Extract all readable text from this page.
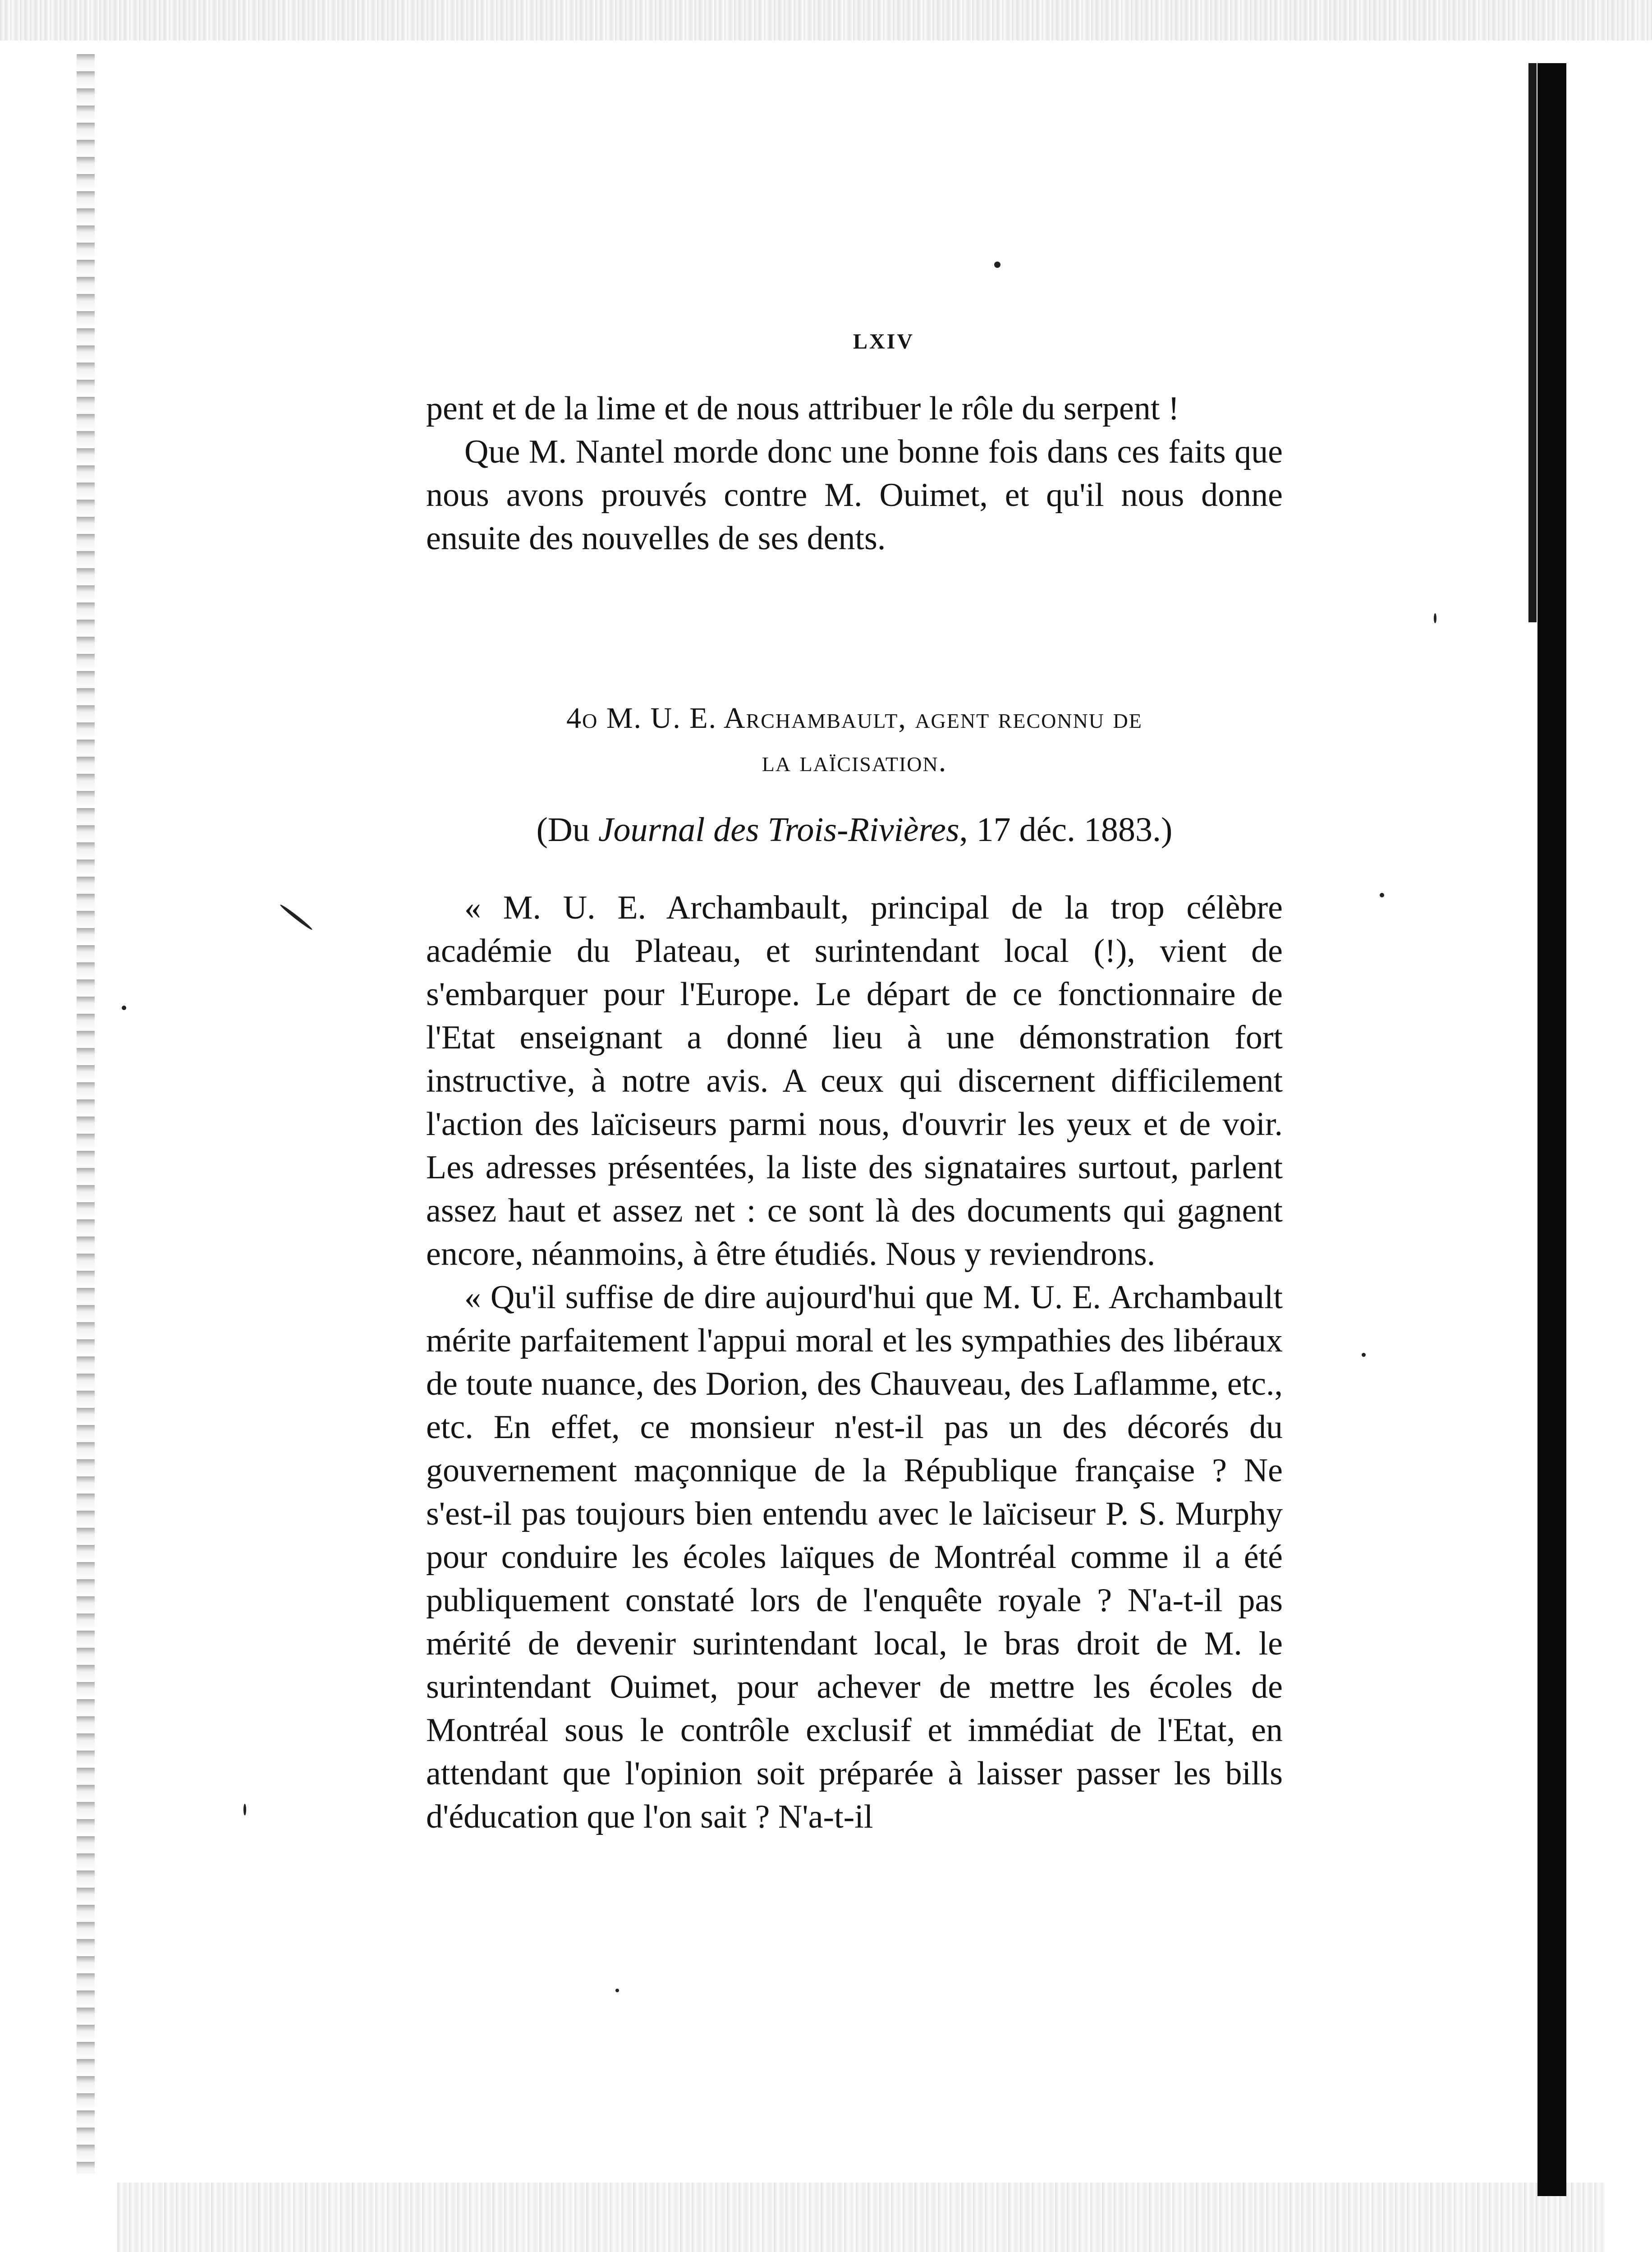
LXIV

pent et de la lime et de nous attribuer le rôle du serpent !

Que M. Nantel morde donc une bonne fois dans ces faits que nous avons prouvés contre M. Ouimet, et qu'il nous donne ensuite des nouvelles de ses dents.

4o M. U. E. Archambault, agent reconnu de
la laïcisation.
(Du Journal des Trois-Rivières, 17 déc. 1883.)

« M. U. E. Archambault, principal de la trop célèbre académie du Plateau, et surintendant local (!), vient de s'embarquer pour l'Europe. Le départ de ce fonctionnaire de l'Etat enseignant a donné lieu à une démonstration fort instructive, à notre avis. A ceux qui discernent difficilement l'action des laïciseurs parmi nous, d'ouvrir les yeux et de voir. Les adresses présentées, la liste des signataires surtout, parlent assez haut et assez net : ce sont là des documents qui gagnent encore, néanmoins, à être étudiés. Nous y reviendrons.

« Qu'il suffise de dire aujourd'hui que M. U. E. Archambault mérite parfaitement l'appui moral et les sympathies des libéraux de toute nuance, des Dorion, des Chauveau, des Laflamme, etc., etc. En effet, ce monsieur n'est-il pas un des décorés du gouvernement maçonnique de la République française ? Ne s'est-il pas toujours bien entendu avec le laïciseur P. S. Murphy pour conduire les écoles laïques de Montréal comme il a été publiquement constaté lors de l'enquête royale ? N'a-t-il pas mérité de devenir surintendant local, le bras droit de M. le surintendant Ouimet, pour achever de mettre les écoles de Montréal sous le contrôle exclusif et immédiat de l'Etat, en attendant que l'opinion soit préparée à laisser passer les bills d'éducation que l'on sait ? N'a-t-il
